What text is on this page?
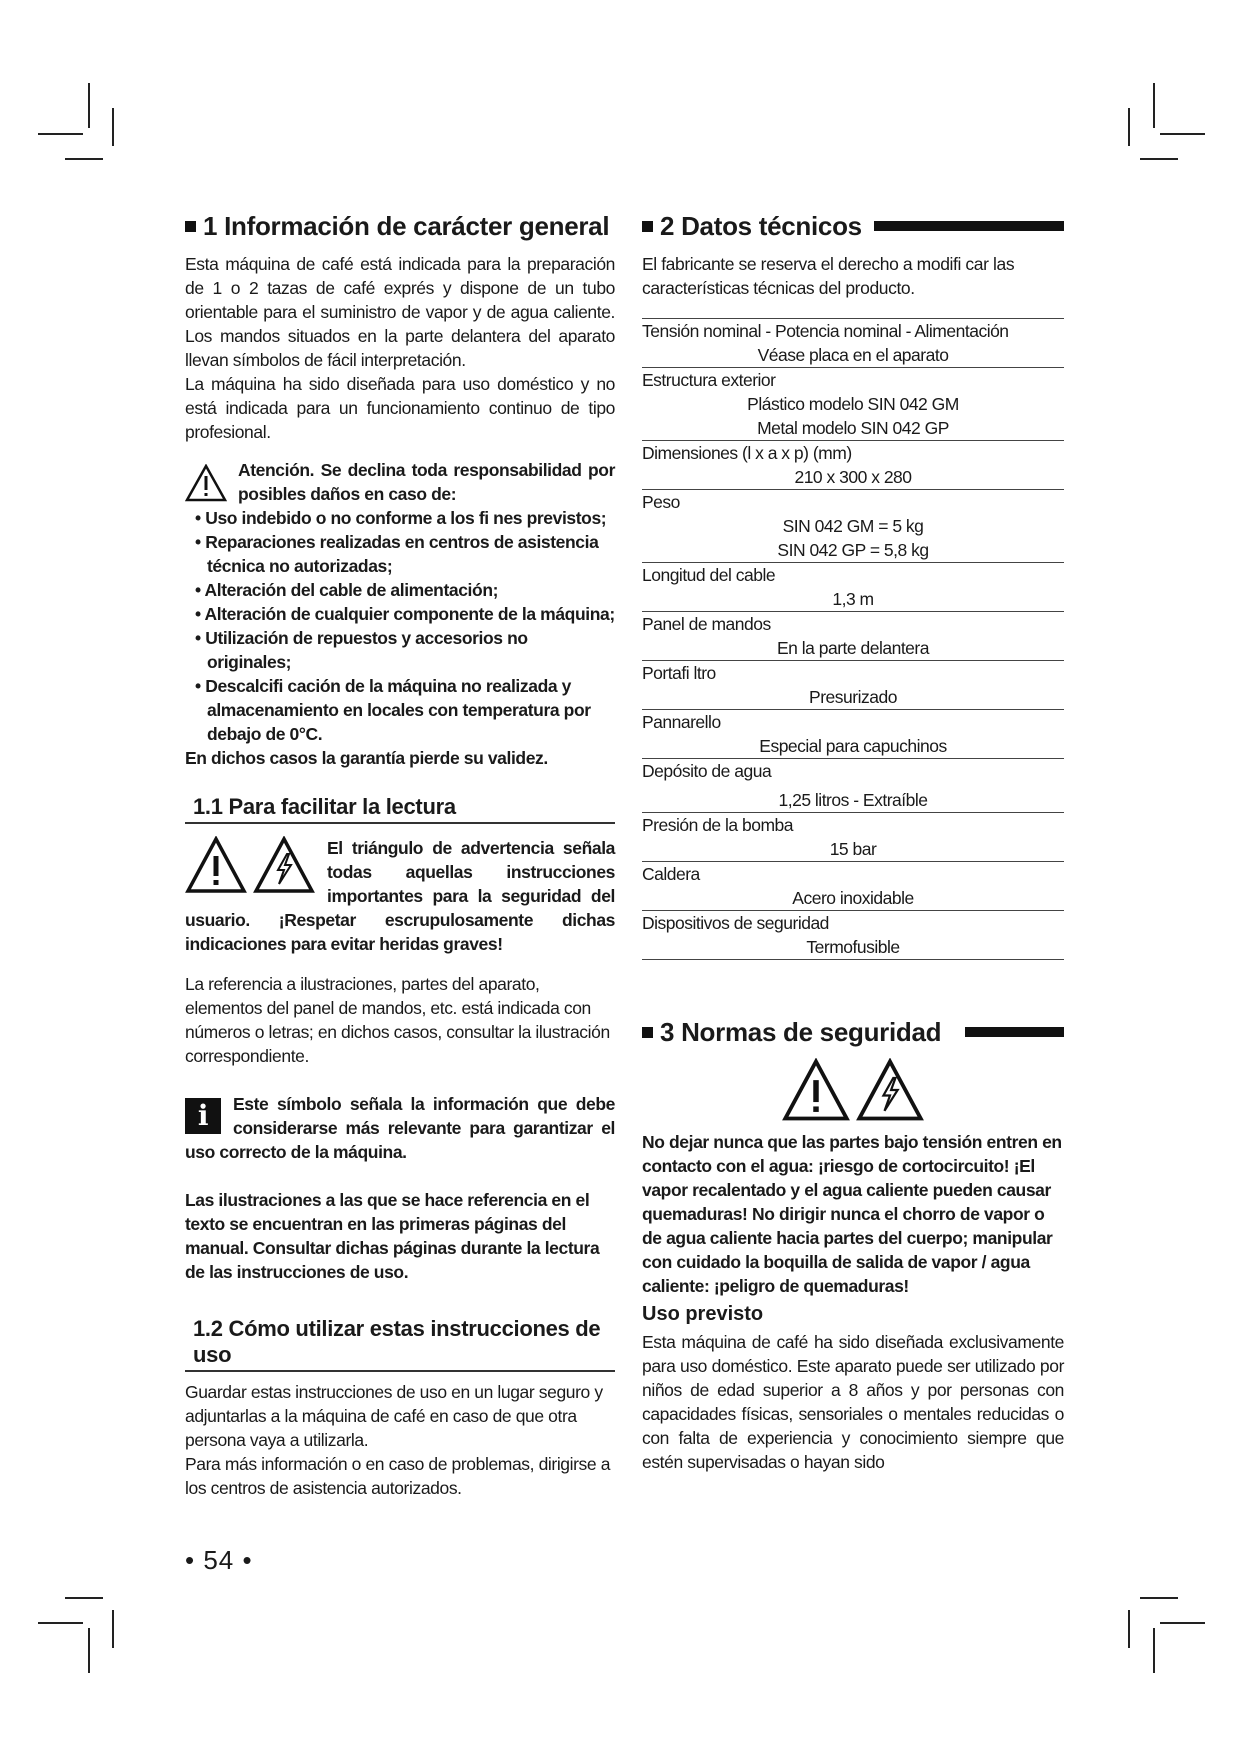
1 Información de carácter general

Esta máquina de café está indicada para la preparación de 1 o 2 tazas de café exprés y dispone de un tubo orientable para el suministro de vapor y de agua caliente. Los mandos situados en la parte delantera del aparato llevan símbolos de fácil interpretación.

La máquina ha sido diseñada para uso doméstico y no está indicada para un funcionamiento continuo de tipo profesional.

Atención. Se declina toda responsabilidad por posibles daños en caso de:

• Uso indebido o no conforme a los fi nes previstos;
• Reparaciones realizadas en centros de asistencia técnica no autorizadas;
• Alteración del cable de alimentación;
• Alteración de cualquier componente de la máquina;
• Utilización de repuestos y accesorios no originales;
• Descalcifi cación de la máquina no realizada y almacenamiento en locales con temperatura por debajo de 0°C.

En dichos casos la garantía pierde su validez.

1.1 Para facilitar la lectura

El triángulo de advertencia señala todas aquellas instrucciones importantes para la seguridad del usuario. ¡Respetar escrupulosamente dichas indicaciones para evitar heridas graves!

La referencia a ilustraciones, partes del aparato, elementos del panel de mandos, etc. está indicada con números o letras; en dichos casos, consultar la ilustración correspondiente.

i	Este símbolo señala la información que debe considerarse más relevante para garantizar el uso correcto de la máquina.

Las ilustraciones a las que se hace referencia en el texto se encuentran en las primeras páginas del manual. Consultar dichas páginas durante la lectura de las instrucciones de uso.

1.2 Cómo utilizar estas instrucciones de uso

Guardar estas instrucciones de uso en un lugar seguro y adjuntarlas a la máquina de café en caso de que otra persona vaya a utilizarla.

Para más información o en caso de problemas, dirigirse a los centros de asistencia autorizados.

2 Datos técnicos

El fabricante se reserva el derecho a modifi car las características técnicas del producto.

Tensión nominal - Potencia nominal - Alimentación
Véase placa en el aparato
Estructura exterior
Plástico modelo SIN 042 GM
Metal modelo SIN 042 GP
Dimensiones (l x a x p) (mm)
210 x 300 x 280
Peso
SIN 042 GM = 5 kg
SIN 042 GP = 5,8 kg
Longitud del cable
1,3 m
Panel de mandos
En la parte delantera
Portafi ltro
Presurizado
Pannarello
Especial para capuchinos
Depósito de agua
1,25 litros - Extraíble
Presión de la bomba
15 bar
Caldera
Acero inoxidable
Dispositivos de seguridad
Termofusible
3 Normas de seguridad

No dejar nunca que las partes bajo tensión entren en contacto con el agua: ¡riesgo de cortocircuito! ¡El vapor recalentado y el agua caliente pueden causar quemaduras! No dirigir nunca el chorro de vapor o de agua caliente hacia partes del cuerpo; manipular con cuidado la boquilla de salida de vapor / agua caliente: ¡peligro de quemaduras!

Uso previsto

Esta máquina de café ha sido diseñada exclusivamente para uso doméstico. Este aparato puede ser utilizado por niños de edad superior a 8 años y por personas con capacidades físicas, sensoriales o mentales reducidas o con falta de experiencia y conocimiento siempre que estén supervisadas o hayan sido

• 54 •
